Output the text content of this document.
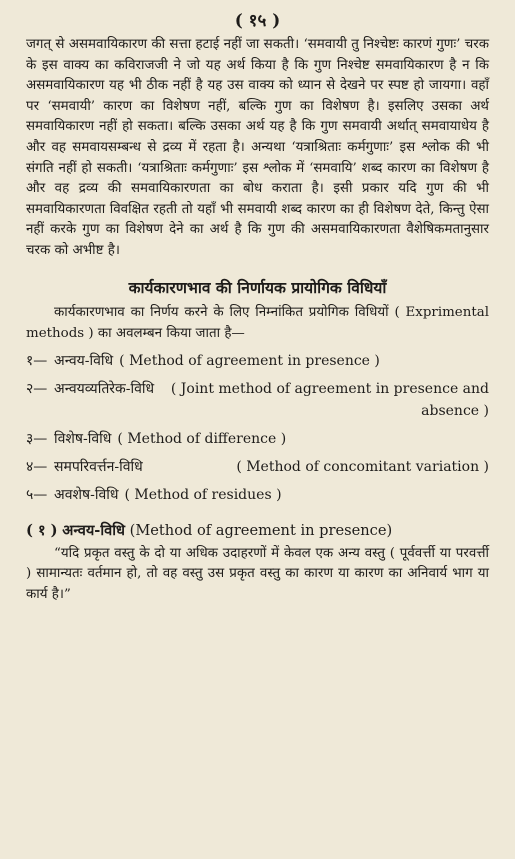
( १५ )

जगत् से असमवायिकारण की सत्ता हटाई नहीं जा सकती। ‘समवायी तु निश्चेष्टः कारणं गुणः’ चरक के इस वाक्य का कविराजजी ने जो यह अर्थ किया है कि गुण निश्चेष्ट समवायिकारण है न कि असमवायिकारण यह भी ठीक नहीं है यह उस वाक्य को ध्यान से देखने पर स्पष्ट हो जायगा। वहाँ पर ‘समवायी’ कारण का विशेषण नहीं, बल्कि गुण का विशेषण है। इसलिए उसका अर्थ समवायिकारण नहीं हो सकता। बल्कि उसका अर्थ यह है कि गुण समवायी अर्थात् समवायाधेय है और वह समवायसम्बन्ध से द्रव्य में रहता है। अन्यथा ‘यत्राश्रिताः कर्मगुणाः’ इस श्लोक की भी संगति नहीं हो सकती। ‘यत्राश्रिताः कर्मगुणाः’ इस श्लोक में ‘समवायि’ शब्द कारण का विशेषण है और वह द्रव्य की समवायिकारणता का बोध कराता है। इसी प्रकार यदि गुण की भी समवायिकारणता विवक्षित रहती तो यहाँ भी समवायी शब्द कारण का ही विशेषण देते, किन्तु ऐसा नहीं करके गुण का विशेषण देने का अर्थ है कि गुण की असमवायिकारणता वैशेषिकमतानुसार चरक को अभीष्ट है।

कार्यकारणभाव की निर्णायक प्रायोगिक विधियाँ

कार्यकारणभाव का निर्णय करने के लिए निम्नांकित प्रयोगिक विधियों ( Exprimental methods ) का अवलम्बन किया जाता है—

१— अन्वय-विधि ( Method of agreement in presence )
२— अन्वयव्यतिरेक-विधि	( Joint method of agreement in presence and absence )
३— विशेष-विधि ( Method of difference )
४— समपरिवर्त्तन-विधि	( Method of concomitant variation )
५— अवशेष-विधि ( Method of residues )
( १ ) अन्वय-विधि (Method of agreement in presence)

“यदि प्रकृत वस्तु के दो या अधिक उदाहरणों में केवल एक अन्य वस्तु ( पूर्ववर्त्ती या परवर्त्ती ) सामान्यतः वर्तमान हो, तो वह वस्तु उस प्रकृत वस्तु का कारण या कारण का अनिवार्य भाग या कार्य है।”
